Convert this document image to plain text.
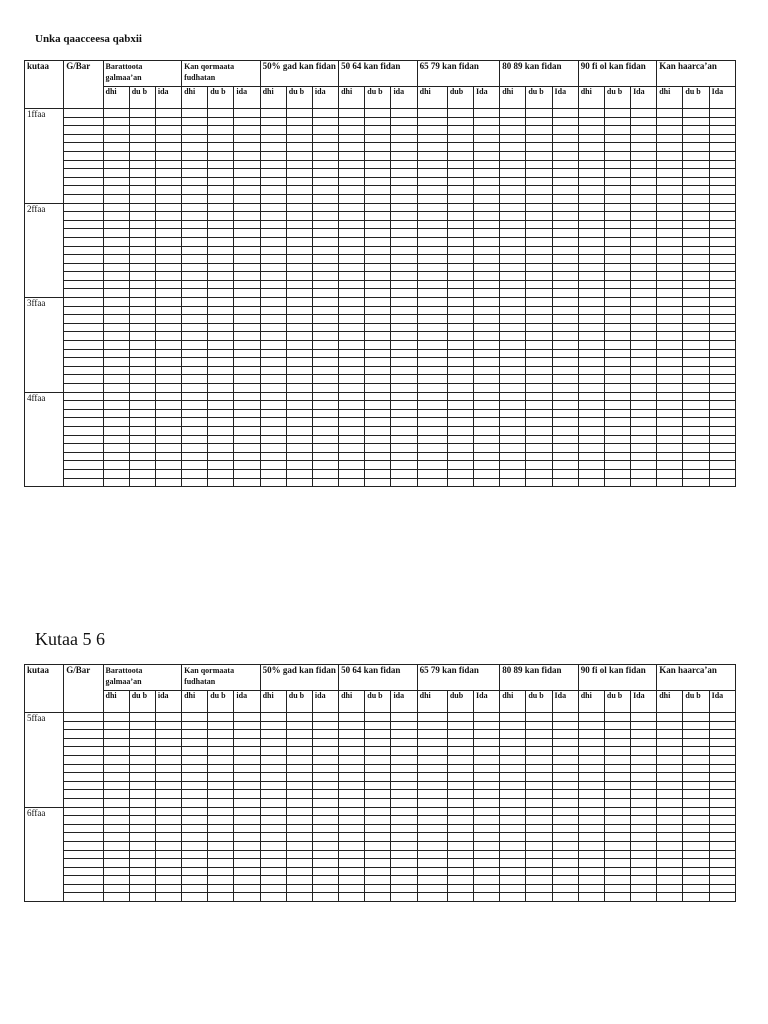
Unka qaacceesa qabxii
kutaa	G/Bar	Barattoota galmaa’an			Kan qormaata fudhatan			50% gad kan fidan			50 64 kan fidan			65 79 kan fidan			80 89 kan fidan			90 fi ol kan fidan			Kan haarca’an		
		dhi	du b	ida	dhi	du b	ida	dhi	du b	ida	dhi	du b	ida	dhi	dub	Ida	dhi	du b	Ida	dhi	du b	Ida	dhi	du b	Ida
1ffaa																									

2ffaa																									

3ffaa																									

4ffaa																									

Kutaa 5 6
kutaa	G/Bar	Barattoota galmaa’an			Kan qormaata fudhatan			50% gad kan fidan			50 64 kan fidan			65 79 kan fidan			80 89 kan fidan			90 fi ol kan fidan			Kan haarca’an		
		dhi	du b	ida	dhi	du b	ida	dhi	du b	ida	dhi	du b	ida	dhi	dub	Ida	dhi	du b	Ida	dhi	du b	Ida	dhi	du b	Ida
5ffaa																									

6ffaa																									
